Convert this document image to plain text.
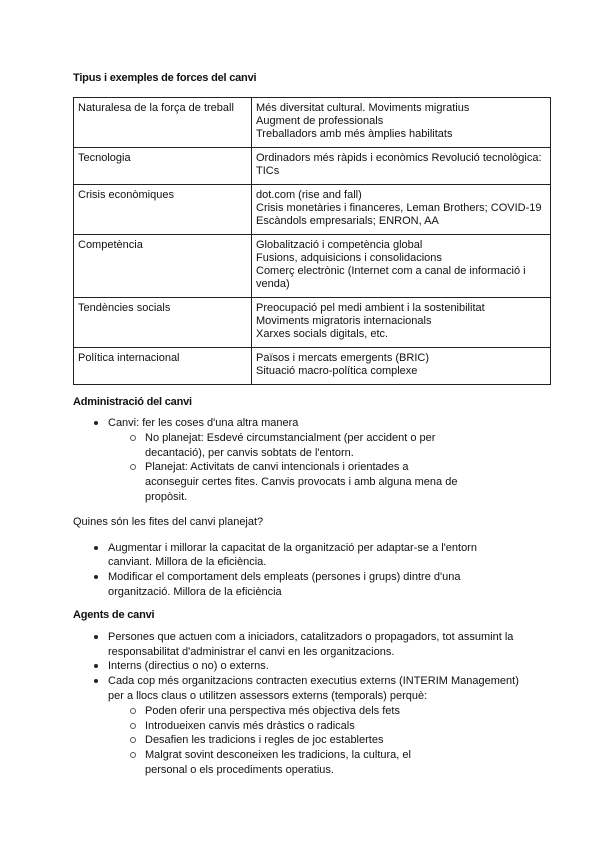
Tipus i exemples de forces del canvi
Naturalesa de la força de treball	Més diversitat cultural. Moviments migratius
Augment de professionals
Treballadors amb més àmplies habilitats

Tecnologia	Ordinadors més ràpids i econòmics Revolució tecnològica: TICs

Crisis econòmiques	dot.com (rise and fall)
Crisis monetàries i financeres, Leman Brothers; COVID-19
Escàndols empresarials; ENRON, AA

Competència	Globalització i competència global
Fusions, adquisicions i consolidacions
Comerç electrònic (Internet com a canal de informació i venda)

Tendències socials	Preocupació pel medi ambient i la sostenibilitat
Moviments migratoris internacionals
Xarxes socials digitals, etc.

Política internacional	Països i mercats emergents (BRIC)
Situació macro-política complexe
Administració del canvi
Canvi: fer les coses d'una altra manera
No planejat: Esdevé circumstancialment (per accident o per decantació), per canvis sobtats de l'entorn.
Planejat: Activitats de canvi intencionals i orientades a aconseguir certes fites. Canvis provocats i amb alguna mena de propòsit.

Quines són les fites del canvi planejat?

Augmentar i millorar la capacitat de la organització per adaptar-se a l'entorn canviant. Millora de la eficiència.
Modificar el comportament dels empleats (persones i grups) dintre d'una organització. Millora de la eficiència
Agents de canvi
Persones que actuen com a iniciadors, catalitzadors o propagadors, tot assumint la responsabilitat d'administrar el canvi en les organitzacions.
Interns (directius o no) o externs.
Cada cop més organitzacions contracten executius externs (INTERIM Management) per a llocs claus o utilitzen assessors externs (temporals) perquè:
Poden oferir una perspectiva més objectiva dels fets
Introdueixen canvis més dràstics o radicals
Desafien les tradicions i regles de joc establertes
Malgrat sovint desconeixen les tradicions, la cultura, el personal o els procediments operatius.
